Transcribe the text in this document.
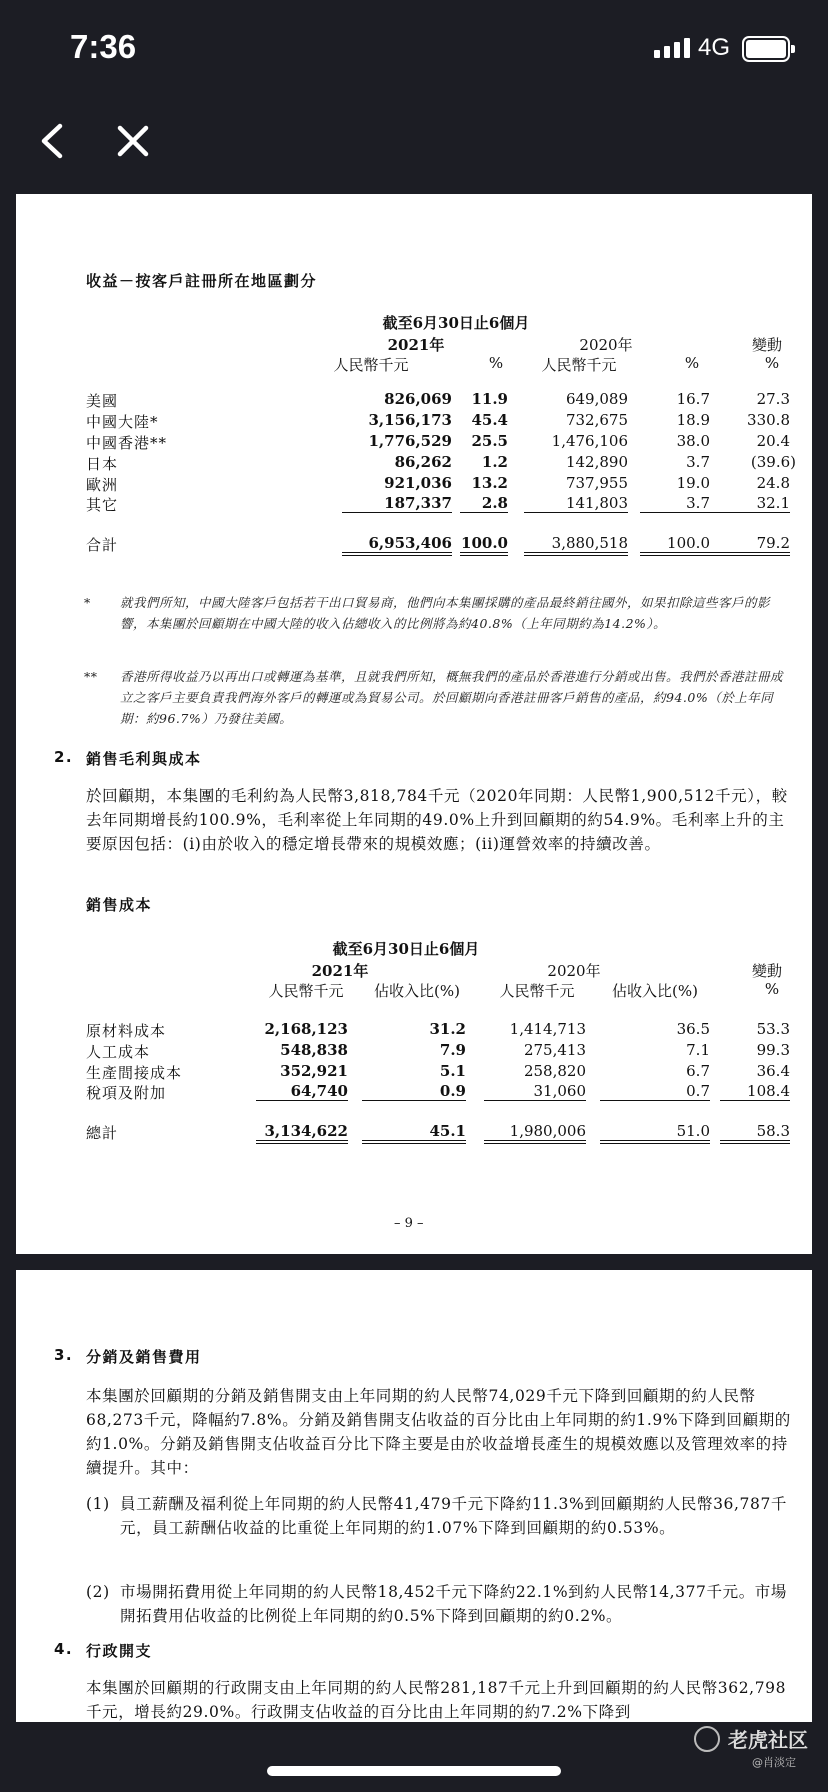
7:36	4G
收益－按客戶註冊所在地區劃分
截至6月30日止6個月
2021年	2020年	變動
人民幣千元	%	人民幣千元	%	%
美國	826,069	11.9	649,089	16.7	27.3
中國大陸*	3,156,173	45.4	732,675	18.9	330.8
中國香港**	1,776,529	25.5	1,476,106	38.0	20.4
日本	86,262	1.2	142,890	3.7	(39.6)
歐洲	921,036	13.2	737,955	19.0	24.8
其它	187,337	2.8	141,803	3.7	32.1
合計	6,953,406 100.0	3,880,518	100.0	79.2
* 就我們所知，中國大陸客戶包括若干出口貿易商，他們向本集團採購的產品最終銷往國外，如果扣除這些客戶的影響，本集團於回顧期在中國大陸的收入佔總收入的比例將為約40.8%（上年同期約為14.2%）。
** 香港所得收益乃以再出口或轉運為基準，且就我們所知，概無我們的產品於香港進行分銷或出售。我們於香港註冊成立之客戶主要負責我們海外客戶的轉運或為貿易公司。於回顧期向香港註冊客戶銷售的產品，約94.0%（於上年同期：約96.7%）乃發往美國。
2. 銷售毛利與成本
於回顧期，本集團的毛利約為人民幣3,818,784千元（2020年同期：人民幣1,900,512千元），較去年同期增長約100.9%，毛利率從上年同期的49.0%上升到回顧期的約54.9%。毛利率上升的主要原因包括：(i)由於收入的穩定增長帶來的規模效應；(ii)運營效率的持續改善。
銷售成本
截至6月30日止6個月
2021年	2020年	變動
人民幣千元	佔收入比(%)	人民幣千元	佔收入比(%)	%
原材料成本	2,168,123	31.2	1,414,713	36.5	53.3
人工成本	548,838	7.9	275,413	7.1	99.3
生產間接成本	352,921	5.1	258,820	6.7	36.4
稅項及附加	64,740	0.9	31,060	0.7	108.4
總計	3,134,622	45.1	1,980,006	51.0	58.3
– 9 –
3. 分銷及銷售費用
本集團於回顧期的分銷及銷售開支由上年同期的約人民幣74,029千元下降到回顧期的約人民幣68,273千元，降幅約7.8%。分銷及銷售開支佔收益的百分比由上年同期的約1.9%下降到回顧期的約1.0%。分銷及銷售開支佔收益百分比下降主要是由於收益增長產生的規模效應以及管理效率的持續提升。其中：
(1) 員工薪酬及福利從上年同期的約人民幣41,479千元下降約11.3%到回顧期約人民幣36,787千元，員工薪酬佔收益的比重從上年同期的約1.07%下降到回顧期的約0.53%。
(2) 市場開拓費用從上年同期的約人民幣18,452千元下降約22.1%到約人民幣14,377千元。市場開拓費用佔收益的比例從上年同期的約0.5%下降到回顧期的約0.2%。
4. 行政開支
本集團於回顧期的行政開支由上年同期的約人民幣281,187千元上升到回顧期的約人民幣362,798千元，增長約29.0%。行政開支佔收益的百分比由上年同期的約7.2%下降到
老虎社区
@肖淡定
